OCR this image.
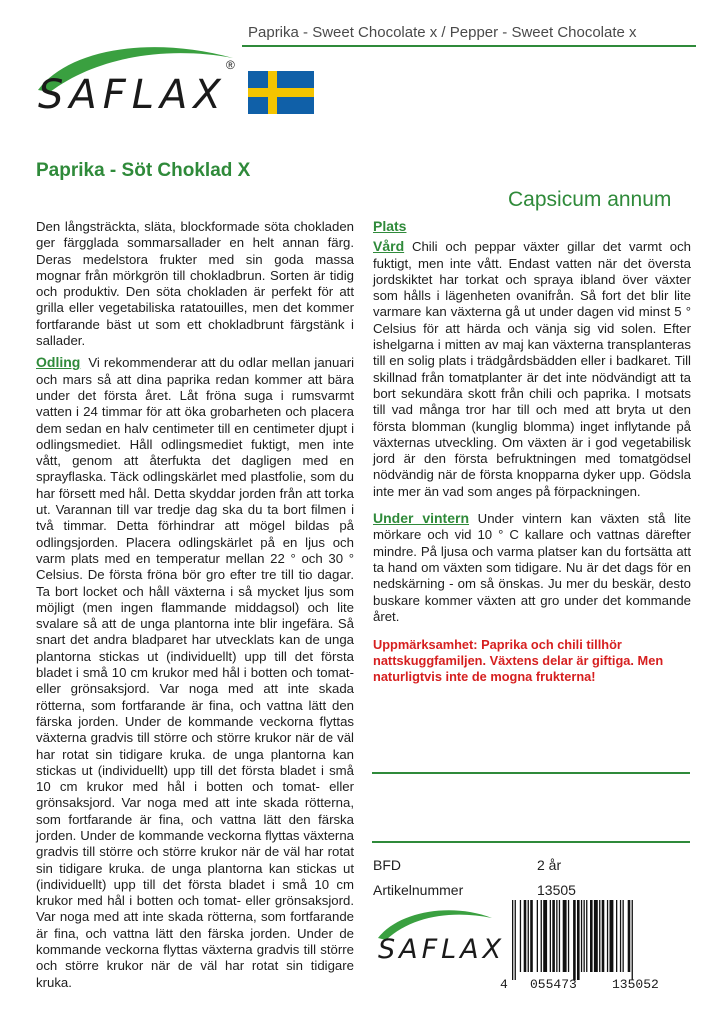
Paprika - Sweet Chocolate x / Pepper - Sweet Chocolate x
SAFLAX
®
Paprika - Söt Choklad X
Capsicum annum

Den långsträckta, släta, blockformade söta chokladen ger färgglada sommarsallader en helt annan färg. Deras medelstora frukter med sin goda massa mognar från mörkgrön till chokladbrun. Sorten är tidig och produktiv. Den söta chokladen är perfekt för att grilla eller vegetabiliska ratatouilles, men det kommer fortfarande bäst ut som ett chokladbrunt färgstänk i sallader.

Odling Vi rekommenderar att du odlar mellan januari och mars så att dina paprika redan kommer att bära under det första året. Låt fröna suga i rumsvarmt vatten i 24 timmar för att öka grobarheten och placera dem sedan en halv centimeter till en centimeter djupt i odlingsmediet. Håll odlingsmediet fuktigt, men inte vått, genom att återfukta det dagligen med en sprayflaska. Täck odlingskärlet med plastfolie, som du har försett med hål. Detta skyddar jorden från att torka ut. Varannan till var tredje dag ska du ta bort filmen i två timmar. Detta förhindrar att mögel bildas på odlingsjorden. Placera odlingskärlet på en ljus och varm plats med en temperatur mellan 22 ° och 30 ° Celsius. De första fröna bör gro efter tre till tio dagar. Ta bort locket och håll växterna i så mycket ljus som möjligt (men ingen flammande middagsol) och lite svalare så att de unga plantorna inte blir ingefära. Så snart det andra bladparet har utvecklats kan de unga plantorna stickas ut (individuellt) upp till det första bladet i små 10 cm krukor med hål i botten och tomat- eller grönsaksjord. Var noga med att inte skada rötterna, som fortfarande är fina, och vattna lätt den färska jorden. Under de kommande veckorna flyttas växterna gradvis till större och större krukor när de väl har rotat sin tidigare kruka. de unga plantorna kan stickas ut (individuellt) upp till det första bladet i små 10 cm krukor med hål i botten och tomat- eller grönsaksjord. Var noga med att inte skada rötterna, som fortfarande är fina, och vattna lätt den färska jorden. Under de kommande veckorna flyttas växterna gradvis till större och större krukor när de väl har rotat sin tidigare kruka. de unga plantorna kan stickas ut (individuellt) upp till det första bladet i små 10 cm krukor med hål i botten och tomat- eller grönsaksjord. Var noga med att inte skada rötterna, som fortfarande är fina, och vattna lätt den färska jorden. Under de kommande veckorna flyttas växterna gradvis till större och större krukor när de väl har rotat sin tidigare kruka.

Plats

Vård Chili och peppar växter gillar det varmt och fuktigt, men inte vått. Endast vatten när det översta jordskiktet har torkat och spraya ibland över växter som hålls i lägenheten ovanifrån. Så fort det blir lite varmare kan växterna gå ut under dagen vid minst 5 ° Celsius för att härda och vänja sig vid solen. Efter ishelgarna i mitten av maj kan växterna transplanteras till en solig plats i trädgårdsbädden eller i badkaret. Till skillnad från tomatplanter är det inte nödvändigt att ta bort sekundära skott från chili och paprika. I motsats till vad många tror har till och med att bryta ut den första blomman (kunglig blomma) inget inflytande på växternas utveckling. Om växten är i god vegetabilisk jord är den första befruktningen med tomatgödsel nödvändig när de första knopparna dyker upp. Gödsla inte mer än vad som anges på förpackningen.

Under vintern Under vintern kan växten stå lite mörkare och vid 10 ° C kallare och vattnas därefter mindre. På ljusa och varma platser kan du fortsätta att ta hand om växten som tidigare. Nu är det dags för en nedskärning - om så önskas. Ju mer du beskär, desto buskare kommer växten att gro under det kommande året.

Uppmärksamhet: Paprika och chili tillhör nattskuggfamiljen. Växtens delar är giftiga. Men naturligtvis inte de mogna frukterna!

BFD	2 år
Artikelnummer	13505
SAFLAX
4 055473	135052
